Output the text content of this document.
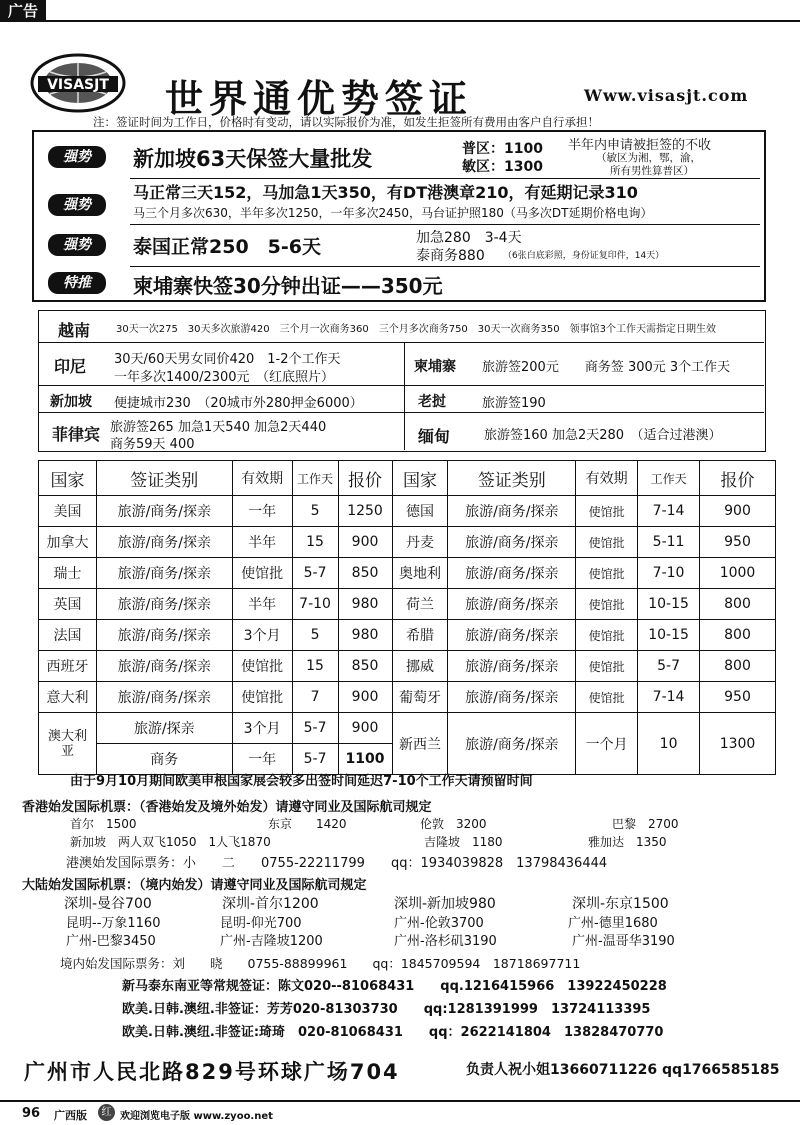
广告
VISASJT 世界通优势签证	Www.visasjt.com
注：签证时间为工作日，价格时有变动，请以实际报价为准，如发生拒签所有费用由客户自行承担！
强势	新加坡63天保签大量批发	普区：1100
敏区：1300
半年内申请被拒签的不收
（敏区为湘，鄂，渝，
所有男性算普区）
强势
马正常三天152，马加急1天350，有DT港澳章210，有延期记录310
马三个月多次630，半年多次1250，一年多次2450，马台证护照180（马多次DT延期价格电询）
强势	泰国正常250　5-6天	加急280　3-4天
泰商务880 （6张白底彩照，身份证复印件，14天）
特推	柬埔寨快签30分钟出证——350元
越南	30天一次275　30天多次旅游420　三个月一次商务360　三个月多次商务750　30天一次商务350　领事馆3个工作天需指定日期生效
印尼 30天/60天男女同价420　1-2个工作天
一年多次1400/2300元　（红底照片）
柬埔寨 旅游签200元　　商务签 300元 3个工作天
新加坡 便捷城市230　（20城市外280押金6000）	老挝	旅游签190
菲律宾 旅游签265 加急1天540 加急2天440
商务59天 400	缅甸	旅游签160 加急2天280　（适合过港澳）
国家	签证类别	有效期	工作天	报价	国家	签证类别	有效期	工作天	报价
美国	旅游/商务/探亲	一年	5	1250	德国	旅游/商务/探亲	使馆批	7-14	900
加拿大	旅游/商务/探亲	半年	15	900	丹麦	旅游/商务/探亲	使馆批	5-11	950
瑞士	旅游/商务/探亲	使馆批	5-7	850	奥地利	旅游/商务/探亲	使馆批	7-10	1000
英国	旅游/商务/探亲	半年	7-10	980	荷兰	旅游/商务/探亲	使馆批	10-15	800
法国	旅游/商务/探亲	3个月	5	980	希腊	旅游/商务/探亲	使馆批	10-15	800
西班牙	旅游/商务/探亲	使馆批	15	850	挪威	旅游/商务/探亲	使馆批	5-7	800
意大利	旅游/商务/探亲	使馆批	7	900	葡萄牙	旅游/商务/探亲	使馆批	7-14	950
澳大利亚	旅游/探亲	3个月	5-7	900	新西兰	旅游/商务/探亲	一个月	10	1300
	商务	一年	5-7	1100					
由于9月10月期间欧美申根国家展会较多出签时间延迟7-10个工作天请预留时间
香港始发国际机票：（香港始发及境外始发）请遵守同业及国际航司规定
首尔　1500	东京　　1420	伦敦　3200	巴黎　2700
新加坡　两人双飞1050　1人飞1870	吉隆坡　1180	雅加达　1350
港澳始发国际票务：小　　二　　0755-22211799　　qq：1934039828　13798436444
大陆始发国际机票：（境内始发）请遵守同业及国际航司规定
深圳-曼谷700	深圳-首尔1200	深圳-新加坡980	深圳-东京1500
昆明--万象1160	昆明-仰光700	广州-伦敦3700	广州-德里1680
广州-巴黎3450	广州-吉隆坡1200	广州-洛杉矶3190	广州-温哥华3190
境内始发国际票务：刘　　晓　　0755-88899961　　qq：1845709594　18718697711
新马泰东南亚等常规签证：陈文020--81068431　　qq.1216415966　13922450228
欧美.日韩.澳纽.非签证：芳芳020-81303730　　qq:1281391999　13724113395
欧美.日韩.澳纽.非签证:琦琦　020-81068431　　qq：2622141804　13828470770
广州市人民北路829号环球广场704	负责人祝小姐13660711226 qq1766585185
96 广西版	红 欢迎浏览电子版 www.zyoo.net
